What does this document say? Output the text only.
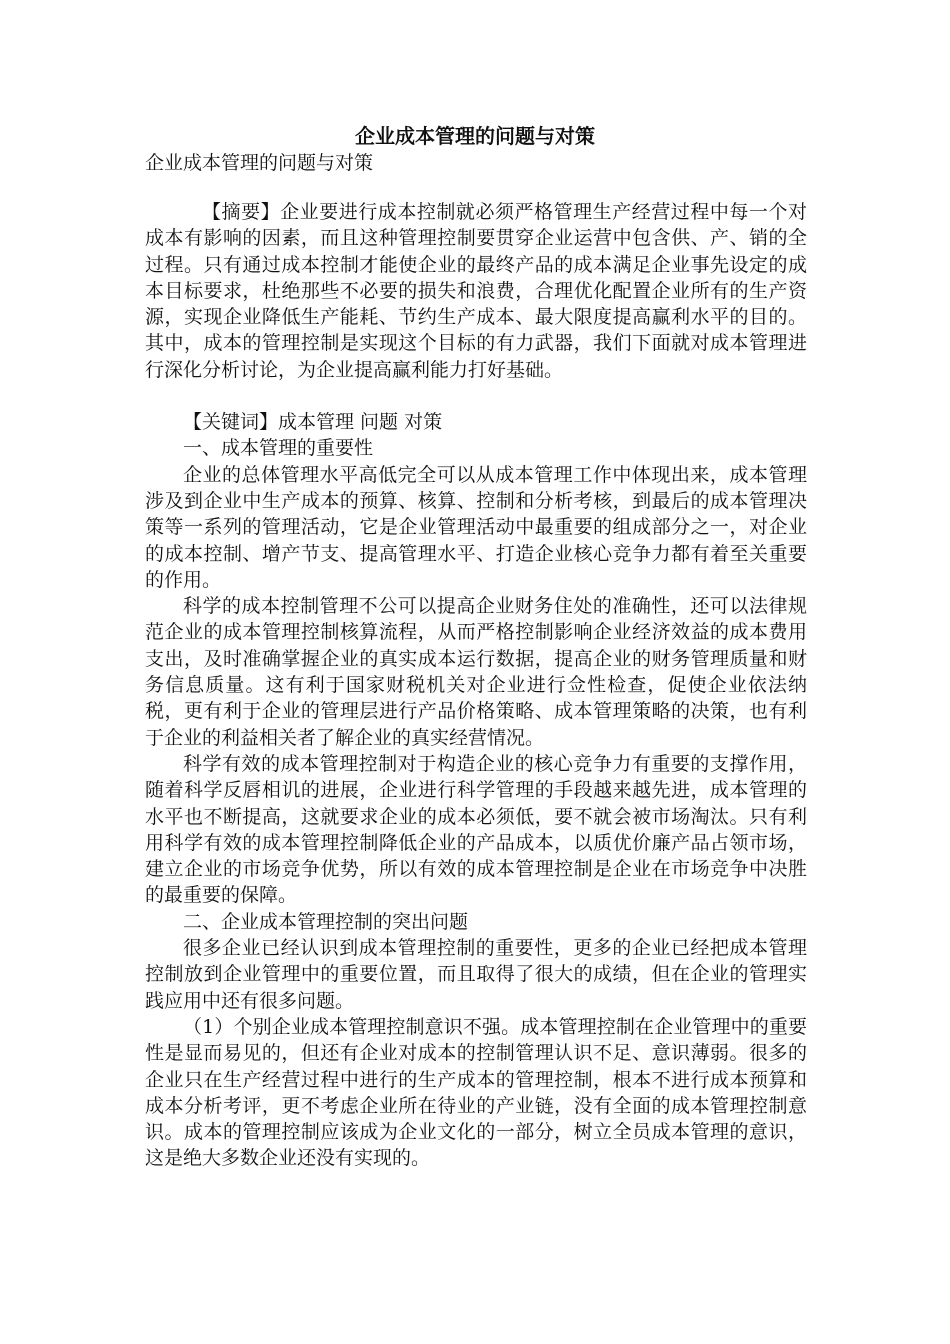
企业成本管理的问题与对策

企业成本管理的问题与对策

【摘要】企业要进行成本控制就必须严格管理生产经营过程中每一个对成本有影响的因素，而且这种管理控制要贯穿企业运营中包含供、产、销的全过程。只有通过成本控制才能使企业的最终产品的成本满足企业事先设定的成本目标要求，杜绝那些不必要的损失和浪费，合理优化配置企业所有的生产资源，实现企业降低生产能耗、节约生产成本、最大限度提高赢利水平的目的。其中，成本的管理控制是实现这个目标的有力武器，我们下面就对成本管理进行深化分析讨论，为企业提高赢利能力打好基础。

【关键词】成本管理 问题 对策

一、成本管理的重要性

企业的总体管理水平高低完全可以从成本管理工作中体现出来，成本管理涉及到企业中生产成本的预算、核算、控制和分析考核，到最后的成本管理决策等一系列的管理活动，它是企业管理活动中最重要的组成部分之一，对企业的成本控制、增产节支、提高管理水平、打造企业核心竞争力都有着至关重要的作用。

科学的成本控制管理不公可以提高企业财务住处的准确性，还可以法律规范企业的成本管理控制核算流程，从而严格控制影响企业经济效益的成本费用支出，及时准确掌握企业的真实成本运行数据，提高企业的财务管理质量和财务信息质量。这有利于国家财税机关对企业进行佥性检查，促使企业依法纳税，更有利于企业的管理层进行产品价格策略、成本管理策略的决策，也有利于企业的利益相关者了解企业的真实经营情况。

科学有效的成本管理控制对于构造企业的核心竞争力有重要的支撑作用，随着科学反唇相讥的进展，企业进行科学管理的手段越来越先进，成本管理的水平也不断提高，这就要求企业的成本必须低，要不就会被市场淘汰。只有利用科学有效的成本管理控制降低企业的产品成本，以质优价廉产品占领市场，建立企业的市场竞争优势，所以有效的成本管理控制是企业在市场竞争中决胜的最重要的保障。

二、企业成本管理控制的突出问题

很多企业已经认识到成本管理控制的重要性，更多的企业已经把成本管理控制放到企业管理中的重要位置，而且取得了很大的成绩，但在企业的管理实践应用中还有很多问题。

（1）个别企业成本管理控制意识不强。成本管理控制在企业管理中的重要性是显而易见的，但还有企业对成本的控制管理认识不足、意识薄弱。很多的企业只在生产经营过程中进行的生产成本的管理控制，根本不进行成本预算和成本分析考评，更不考虑企业所在待业的产业链，没有全面的成本管理控制意识。成本的管理控制应该成为企业文化的一部分，树立全员成本管理的意识，这是绝大多数企业还没有实现的。
